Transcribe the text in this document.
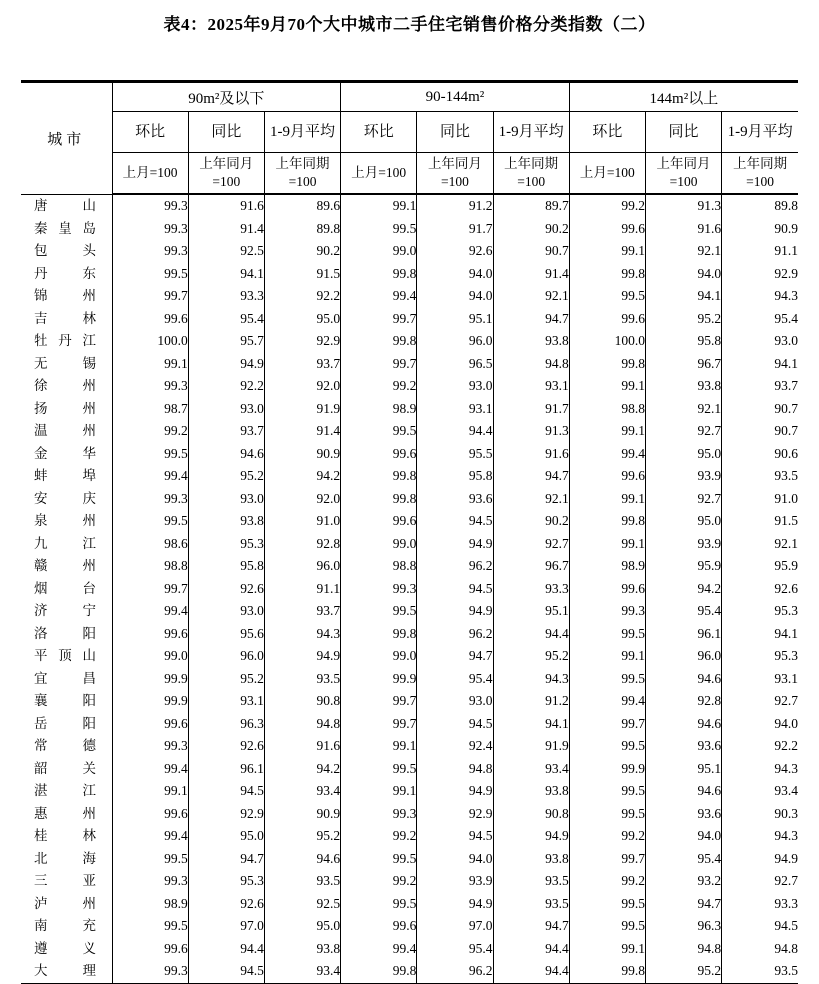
表4：2025年9月70个大中城市二手住宅销售价格分类指数（二）
城市	90m²及以下			90-144m²			144m²以上		
	环比	同比	1-9月平均	环比	同比	1-9月平均	环比	同比	1-9月平均
	上月=100	上年同月=100	上年同期=100	上月=100	上年同月=100	上年同期=100	上月=100	上年同月=100	上年同期=100
唐山	99.3	91.6	89.6	99.1	91.2	89.7	99.2	91.3	89.8
秦皇岛	99.3	91.4	89.8	99.5	91.7	90.2	99.6	91.6	90.9
包头	99.3	92.5	90.2	99.0	92.6	90.7	99.1	92.1	91.1
丹东	99.5	94.1	91.5	99.8	94.0	91.4	99.8	94.0	92.9
锦州	99.7	93.3	92.2	99.4	94.0	92.1	99.5	94.1	94.3
吉林	99.6	95.4	95.0	99.7	95.1	94.7	99.6	95.2	95.4
牡丹江	100.0	95.7	92.9	99.8	96.0	93.8	100.0	95.8	93.0
无锡	99.1	94.9	93.7	99.7	96.5	94.8	99.8	96.7	94.1
徐州	99.3	92.2	92.0	99.2	93.0	93.1	99.1	93.8	93.7
扬州	98.7	93.0	91.9	98.9	93.1	91.7	98.8	92.1	90.7
温州	99.2	93.7	91.4	99.5	94.4	91.3	99.1	92.7	90.7
金华	99.5	94.6	90.9	99.6	95.5	91.6	99.4	95.0	90.6
蚌埠	99.4	95.2	94.2	99.8	95.8	94.7	99.6	93.9	93.5
安庆	99.3	93.0	92.0	99.8	93.6	92.1	99.1	92.7	91.0
泉州	99.5	93.8	91.0	99.6	94.5	90.2	99.8	95.0	91.5
九江	98.6	95.3	92.8	99.0	94.9	92.7	99.1	93.9	92.1
赣州	98.8	95.8	96.0	98.8	96.2	96.7	98.9	95.9	95.9
烟台	99.7	92.6	91.1	99.3	94.5	93.3	99.6	94.2	92.6
济宁	99.4	93.0	93.7	99.5	94.9	95.1	99.3	95.4	95.3
洛阳	99.6	95.6	94.3	99.8	96.2	94.4	99.5	96.1	94.1
平顶山	99.0	96.0	94.9	99.0	94.7	95.2	99.1	96.0	95.3
宜昌	99.9	95.2	93.5	99.9	95.4	94.3	99.5	94.6	93.1
襄阳	99.9	93.1	90.8	99.7	93.0	91.2	99.4	92.8	92.7
岳阳	99.6	96.3	94.8	99.7	94.5	94.1	99.7	94.6	94.0
常德	99.3	92.6	91.6	99.1	92.4	91.9	99.5	93.6	92.2
韶关	99.4	96.1	94.2	99.5	94.8	93.4	99.9	95.1	94.3
湛江	99.1	94.5	93.4	99.1	94.9	93.8	99.5	94.6	93.4
惠州	99.6	92.9	90.9	99.3	92.9	90.8	99.5	93.6	90.3
桂林	99.4	95.0	95.2	99.2	94.5	94.9	99.2	94.0	94.3
北海	99.5	94.7	94.6	99.5	94.0	93.8	99.7	95.4	94.9
三亚	99.3	95.3	93.5	99.2	93.9	93.5	99.2	93.2	92.7
泸州	98.9	92.6	92.5	99.5	94.9	93.5	99.5	94.7	93.3
南充	99.5	97.0	95.0	99.6	97.0	94.7	99.5	96.3	94.5
遵义	99.6	94.4	93.8	99.4	95.4	94.4	99.1	94.8	94.8
大理	99.3	94.5	93.4	99.8	96.2	94.4	99.8	95.2	93.5
